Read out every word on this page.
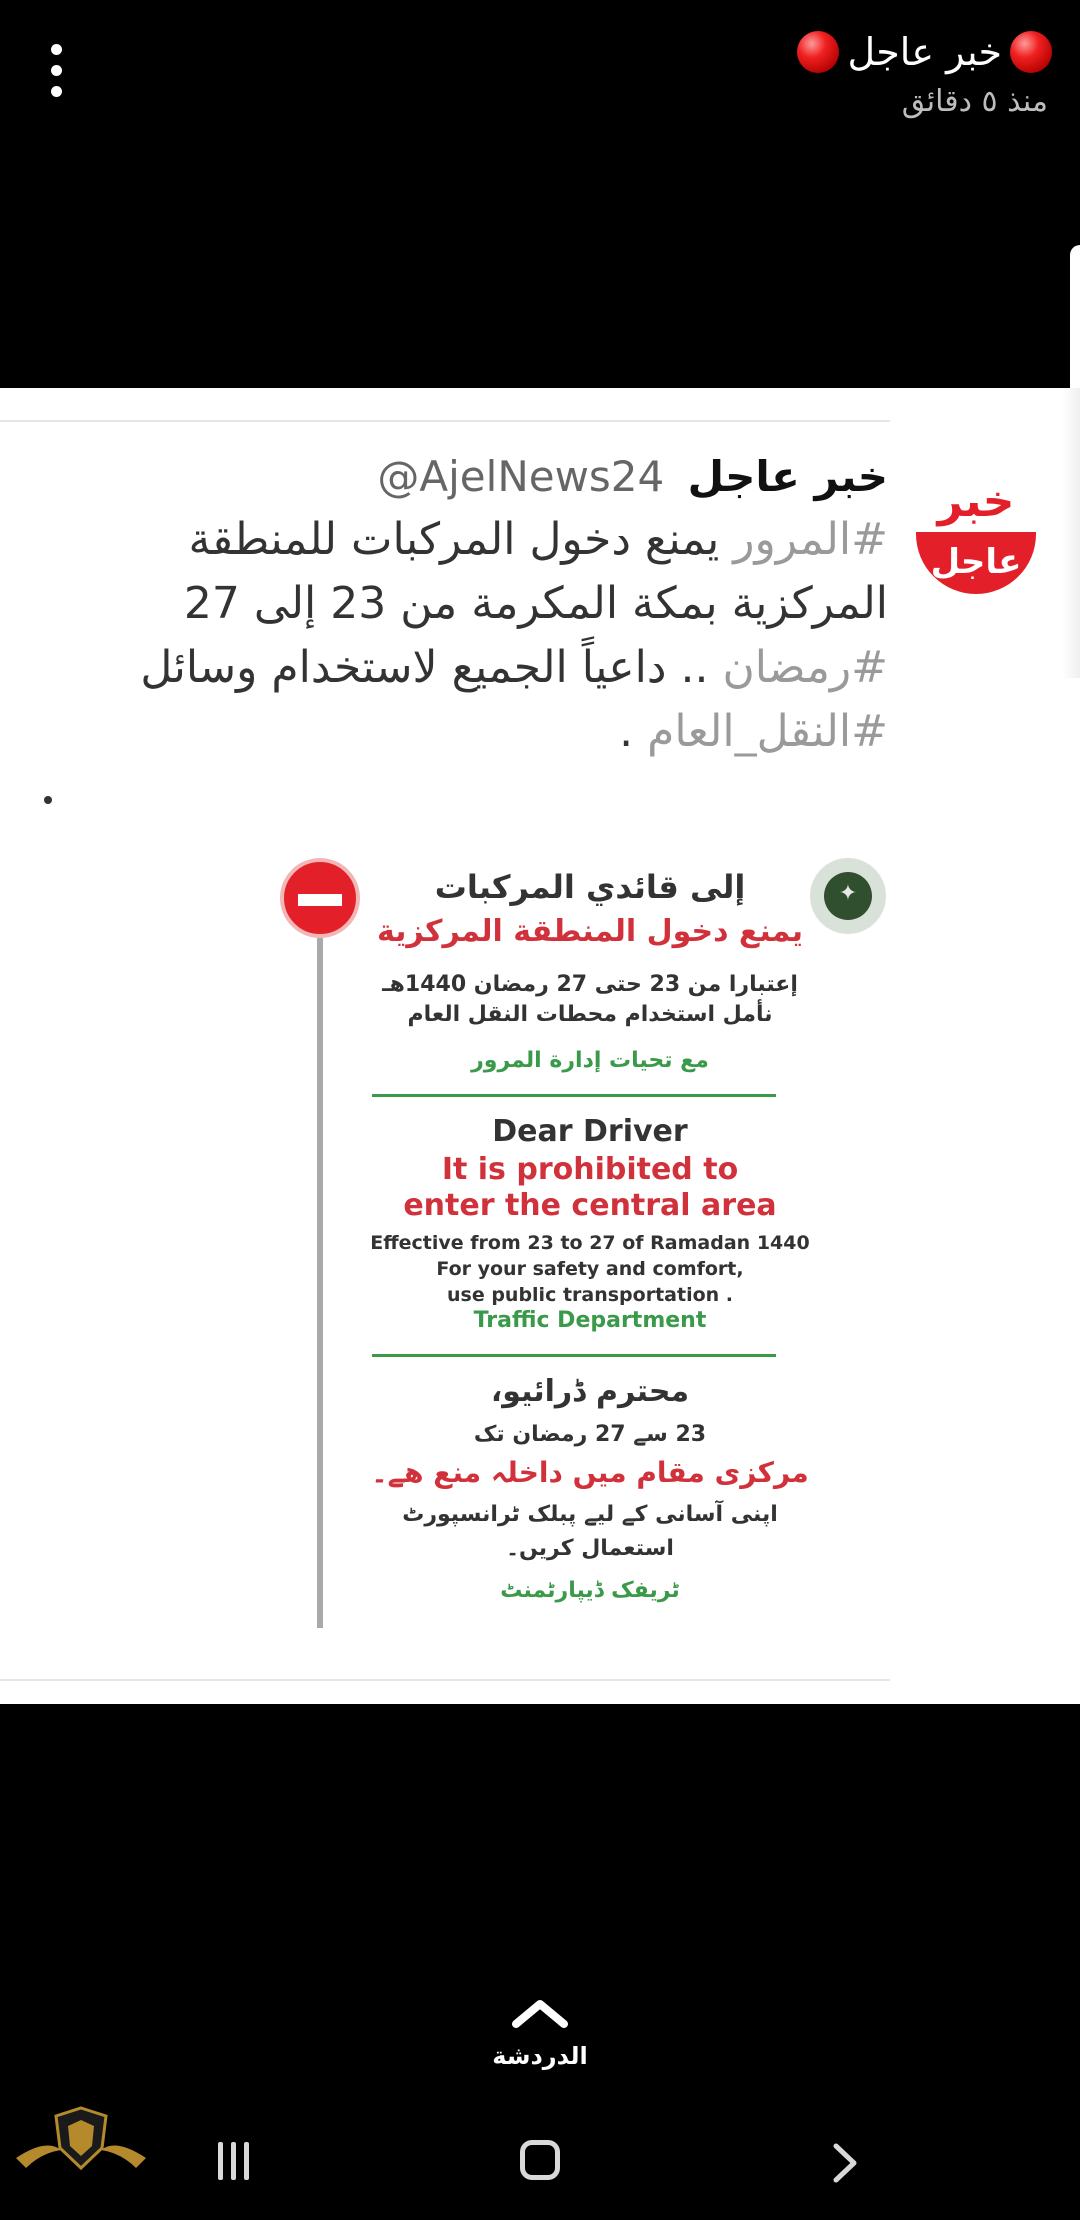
خبر عاجل
منذ ٥ دقائق
خبر
عاجل
خبر عاجل @AjelNews24
#المرور يمنع دخول المركبات للمنطقة المركزية بمكة المكرمة من 23 إلى 27 #رمضان .. داعياً الجميع لاستخدام وسائل #النقل_العام .
✦
إلى قائدي المركبات
يمنع دخول المنطقة المركزية
إعتبارا من 23 حتى 27 رمضان 1440هـ
نأمل استخدام محطات النقل العام
مع تحيات إدارة المرور
Dear Driver
It is prohibited to
enter the central area
Effective from 23 to 27 of Ramadan 1440
For your safety and comfort,
use public transportation .
Traffic Department
محترم ڈرائیو،
23 سے 27 رمضان تک
مرکزی مقام میں داخلہ منع ھے۔
اپنی آسانی کے لیے پبلک ٹرانسپورٹ
استعمال کریں۔
ٹریفک ڈیپارٹمنٹ
الدردشة
